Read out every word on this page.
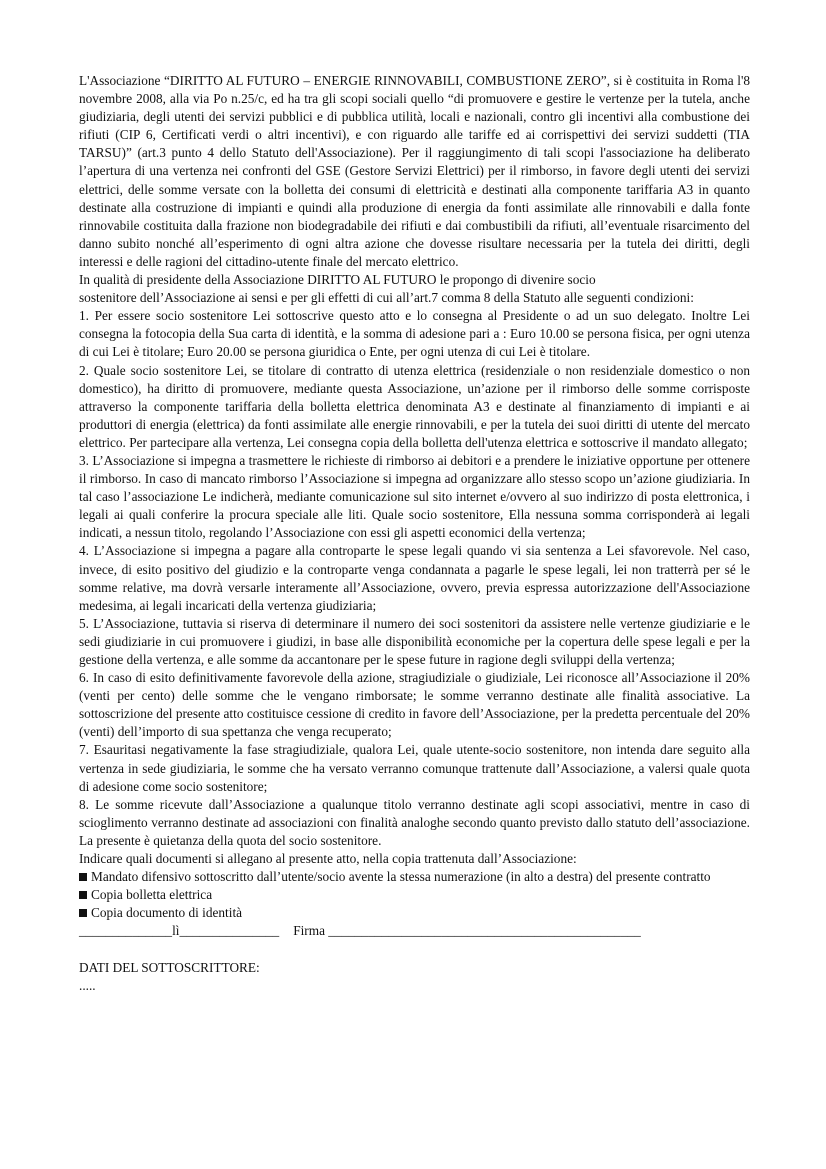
L'Associazione “DIRITTO AL FUTURO – ENERGIE RINNOVABILI, COMBUSTIONE ZERO”, si è costituita in Roma l'8 novembre 2008, alla via Po n.25/c, ed ha tra gli scopi sociali quello “di promuovere e gestire le vertenze per la tutela, anche giudiziaria, degli utenti dei servizi pubblici e di pubblica utilità, locali e nazionali, contro gli incentivi alla combustione dei rifiuti (CIP 6, Certificati verdi o altri incentivi), e con riguardo alle tariffe ed ai corrispettivi dei servizi suddetti (TIA TARSU)” (art.3 punto 4 dello Statuto dell'Associazione). Per il raggiungimento di tali scopi l'associazione ha deliberato l’apertura di una vertenza nei confronti del GSE (Gestore Servizi Elettrici) per il rimborso, in favore degli utenti dei servizi elettrici, delle somme versate con la bolletta dei consumi di elettricità e destinati alla componente tariffaria A3 in quanto destinate alla costruzione di impianti e quindi alla produzione di energia da fonti assimilate alle rinnovabili e dalla fonte rinnovabile costituita dalla frazione non biodegradabile dei rifiuti e dai combustibili da rifiuti, all’eventuale risarcimento del danno subito nonché all’esperimento di ogni altra azione che dovesse risultare necessaria per la tutela dei diritti, degli interessi e delle ragioni del cittadino-utente finale del mercato elettrico.

In qualità di presidente della Associazione DIRITTO AL FUTURO le propongo di divenire socio

sostenitore dell’Associazione ai sensi e per gli effetti di cui all’art.7 comma 8 della Statuto alle seguenti condizioni:

1. Per essere socio sostenitore Lei sottoscrive questo atto e lo consegna al Presidente o ad un suo delegato. Inoltre Lei consegna la fotocopia della Sua carta di identità, e la somma di adesione pari a : Euro 10.00 se persona fisica, per ogni utenza di cui Lei è titolare; Euro 20.00 se persona giuridica o Ente, per ogni utenza di cui Lei è titolare.

2. Quale socio sostenitore Lei, se titolare di contratto di utenza elettrica (residenziale o non residenziale domestico o non domestico), ha diritto di promuovere, mediante questa Associazione, un’azione per il rimborso delle somme corrisposte attraverso la componente tariffaria della bolletta elettrica denominata A3 e destinate al finanziamento di impianti e ai produttori di energia (elettrica) da fonti assimilate alle energie rinnovabili, e per la tutela dei suoi diritti di utente del mercato elettrico. Per partecipare alla vertenza, Lei consegna copia della bolletta dell'utenza elettrica e sottoscrive il mandato allegato;

3. L’Associazione si impegna a trasmettere le richieste di rimborso ai debitori e a prendere le iniziative opportune per ottenere il rimborso. In caso di mancato rimborso l’Associazione si impegna ad organizzare allo stesso scopo un’azione giudiziaria. In tal caso l’associazione Le indicherà, mediante comunicazione sul sito internet e/ovvero al suo indirizzo di posta elettronica, i legali ai quali conferire la procura speciale alle liti. Quale socio sostenitore, Ella nessuna somma corrisponderà ai legali indicati, a nessun titolo, regolando l’Associazione con essi gli aspetti economici della vertenza;

4. L’Associazione si impegna a pagare alla controparte le spese legali quando vi sia sentenza a Lei sfavorevole. Nel caso, invece, di esito positivo del giudizio e la controparte venga condannata a pagarle le spese legali, lei non tratterrà per sé le somme relative, ma dovrà versarle interamente all’Associazione, ovvero, previa espressa autorizzazione dell'Associazione medesima, ai legali incaricati della vertenza giudiziaria;

5. L’Associazione, tuttavia si riserva di determinare il numero dei soci sostenitori da assistere nelle vertenze giudiziarie e le sedi giudiziarie in cui promuovere i giudizi, in base alle disponibilità economiche per la copertura delle spese legali e per la gestione della vertenza, e alle somme da accantonare per le spese future in ragione degli sviluppi della vertenza;

6. In caso di esito definitivamente favorevole della azione, stragiudiziale o giudiziale, Lei riconosce all’Associazione il 20% (venti per cento) delle somme che le vengano rimborsate; le somme verranno destinate alle finalità associative. La sottoscrizione del presente atto costituisce cessione di credito in favore dell’Associazione, per la predetta percentuale del 20% (venti) dell’importo di sua spettanza che venga recuperato;

7. Esauritasi negativamente la fase stragiudiziale, qualora Lei, quale utente-socio sostenitore, non intenda dare seguito alla vertenza in sede giudiziaria, le somme che ha versato verranno comunque trattenute dall’Associazione, a valersi quale quota di adesione come socio sostenitore;

8. Le somme ricevute dall’Associazione a qualunque titolo verranno destinate agli scopi associativi, mentre in caso di scioglimento verranno destinate ad associazioni con finalità analoghe secondo quanto previsto dallo statuto dell’associazione. La presente è quietanza della quota del socio sostenitore.

Indicare quali documenti si allegano al presente atto, nella copia trattenuta dall’Associazione:

Mandato difensivo sottoscritto dall’utente/socio avente la stessa numerazione (in alto a destra) del presente contratto

Copia bolletta elettrica

Copia documento di identità

______________lì_______________ Firma _______________________________________________

DATI DEL SOTTOSCRITTORE:

.....
